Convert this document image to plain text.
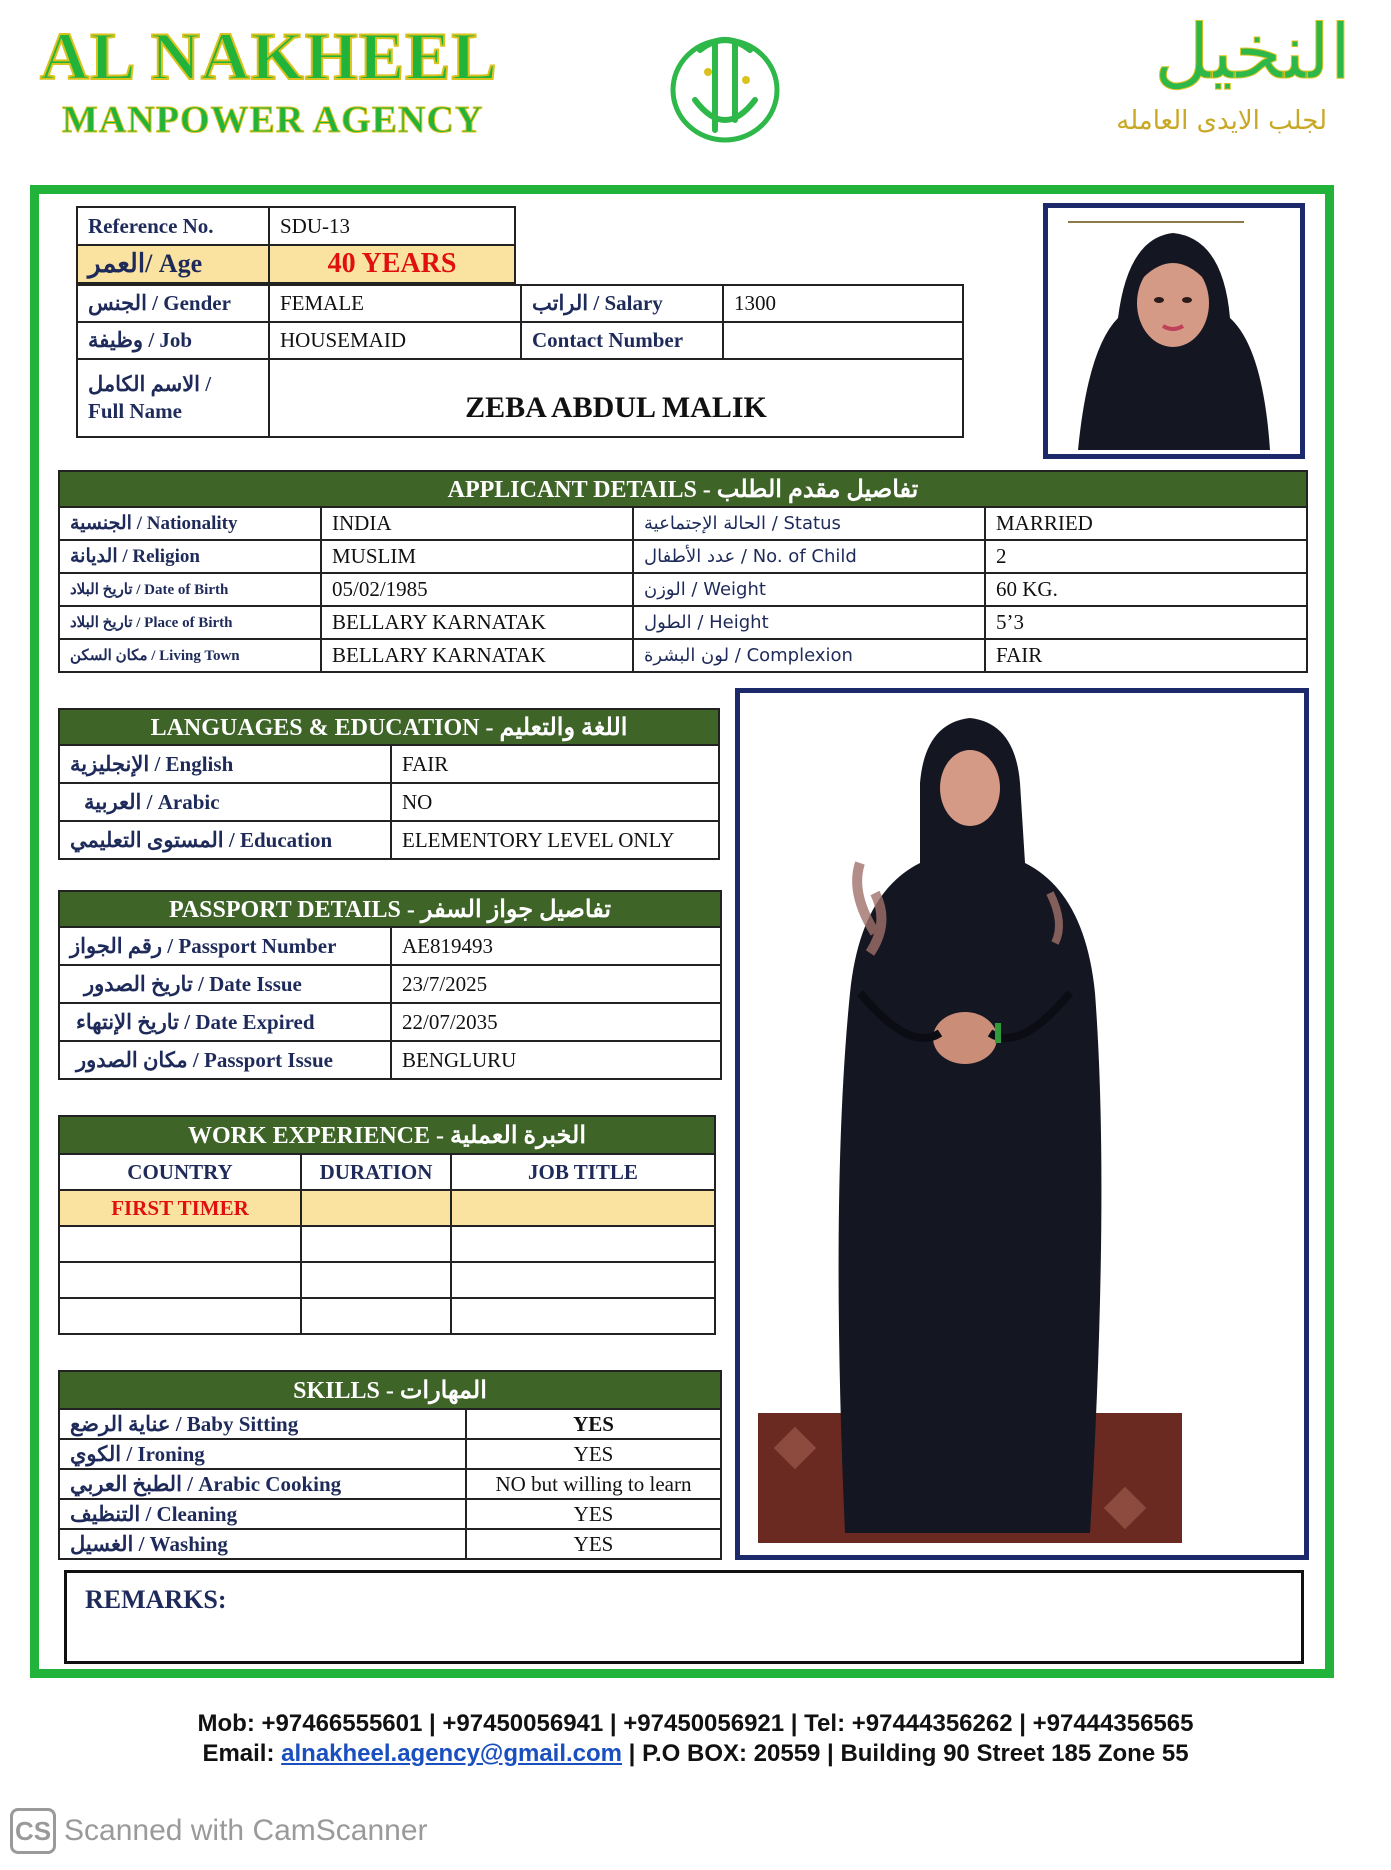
AL NAKHEEL
MANPOWER AGENCY
النخيل
لجلب الايدى العامله
Reference No.	SDU-13
العمر/ Age	40 YEARS
الجنس / Gender	FEMALE	الراتب / Salary	1300
وظيفة / Job	HOUSEMAID	Contact Number	
الاسم الكامل /
Full Name	ZEBA ABDUL MALIK
APPLICANT DETAILS - تفاصيل مقدم الطلب			
الجنسية / Nationality	INDIA	الحالة الإجتماعية / Status	MARRIED
الديانة / Religion	MUSLIM	عدد الأطفال / No. of Child	2
تاريخ البلاد / Date of Birth	05/02/1985	الوزن / Weight	60 KG.
تاريخ البلاد / Place of Birth	BELLARY KARNATAK	الطول / Height	5’3
مكان السكن / Living Town	BELLARY KARNATAK	لون البشرة / Complexion	FAIR
LANGUAGES & EDUCATION - اللغة والتعليم	
الإنجليزية / English	FAIR
العربية / Arabic	NO
المستوى التعليمي / Education	ELEMENTORY LEVEL ONLY
PASSPORT DETAILS - تفاصيل جواز السفر	
رقم الجواز / Passport Number	AE819493
تاريخ الصدور / Date Issue	23/7/2025
تاريخ الإنتهاء / Date Expired	22/07/2035
مكان الصدور / Passport Issue	BENGLURU
WORK EXPERIENCE - الخبرة العملية		
COUNTRY	DURATION	JOB TITLE
FIRST TIMER		

SKILLS - المهارات	
عناية الرضع / Baby Sitting	YES
الكوي / Ironing	YES
الطبخ العربي / Arabic Cooking	NO but willing to learn
التنظيف / Cleaning	YES
الغسيل / Washing	YES
REMARKS:
Mob: +97466555601 | +97450056941 | +97450056921 | Tel: +97444356262 | +97444356565
Email: alnakheel.agency@gmail.com | P.O BOX: 20559 | Building 90 Street 185 Zone 55
CS Scanned with CamScanner
